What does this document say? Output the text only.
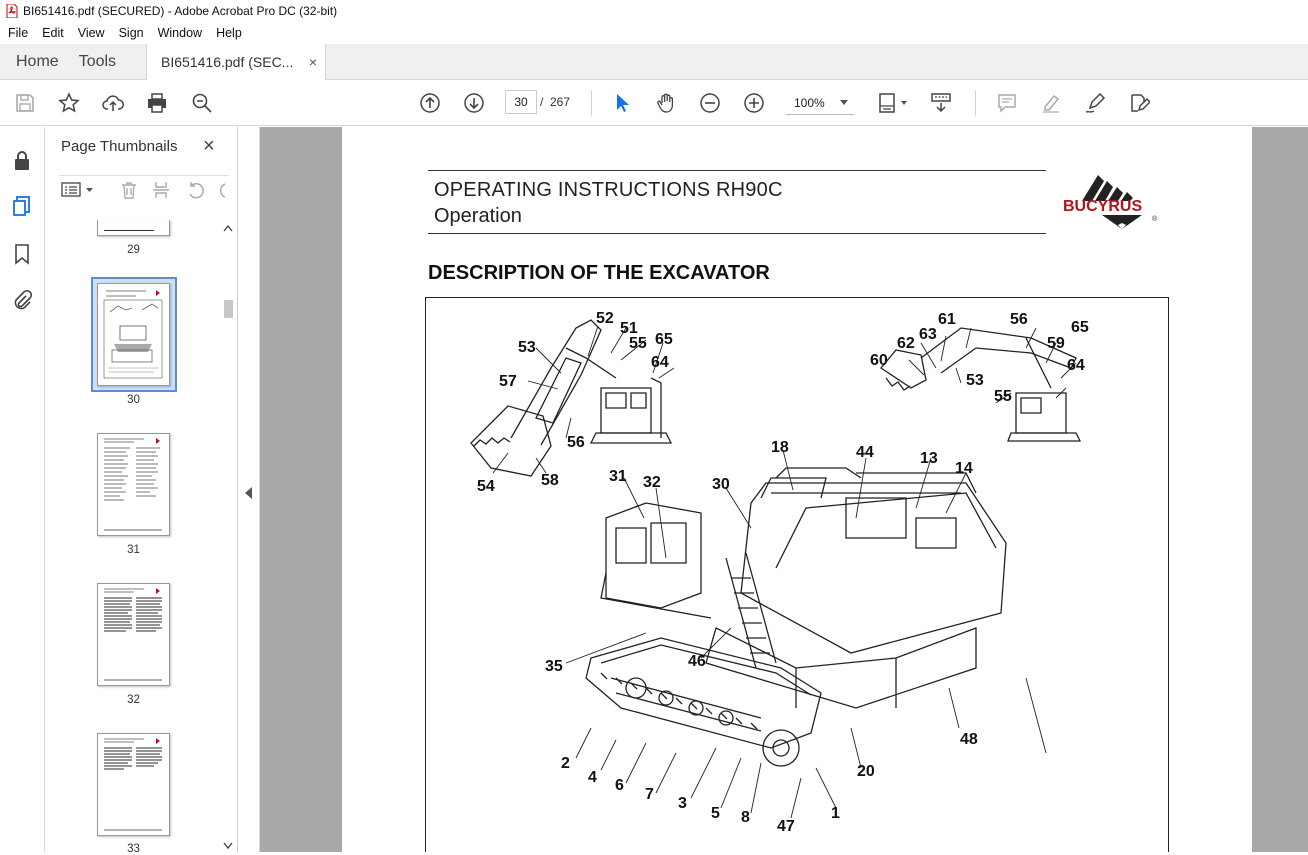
BI651416.pdf (SECURED) - Adobe Acrobat Pro DC (32-bit)
File Edit View Sign Window Help
Home	Tools	BI651416.pdf (SEC... ×
30	/ 267	100%
Page Thumbnails ×
29
30
31
32
33
OPERATING INSTRUCTIONS RH90C
Operation	BUCYRUS
®
DESCRIPTION OF THE EXCAVATOR
52
51
55 65
53
64
57
56
54	58
61	56
62
63
59
65
60
53
64
55
18	44	13
14
31 32	30
35	46
48
20
2
4 6
7
3
5 8
47
1
